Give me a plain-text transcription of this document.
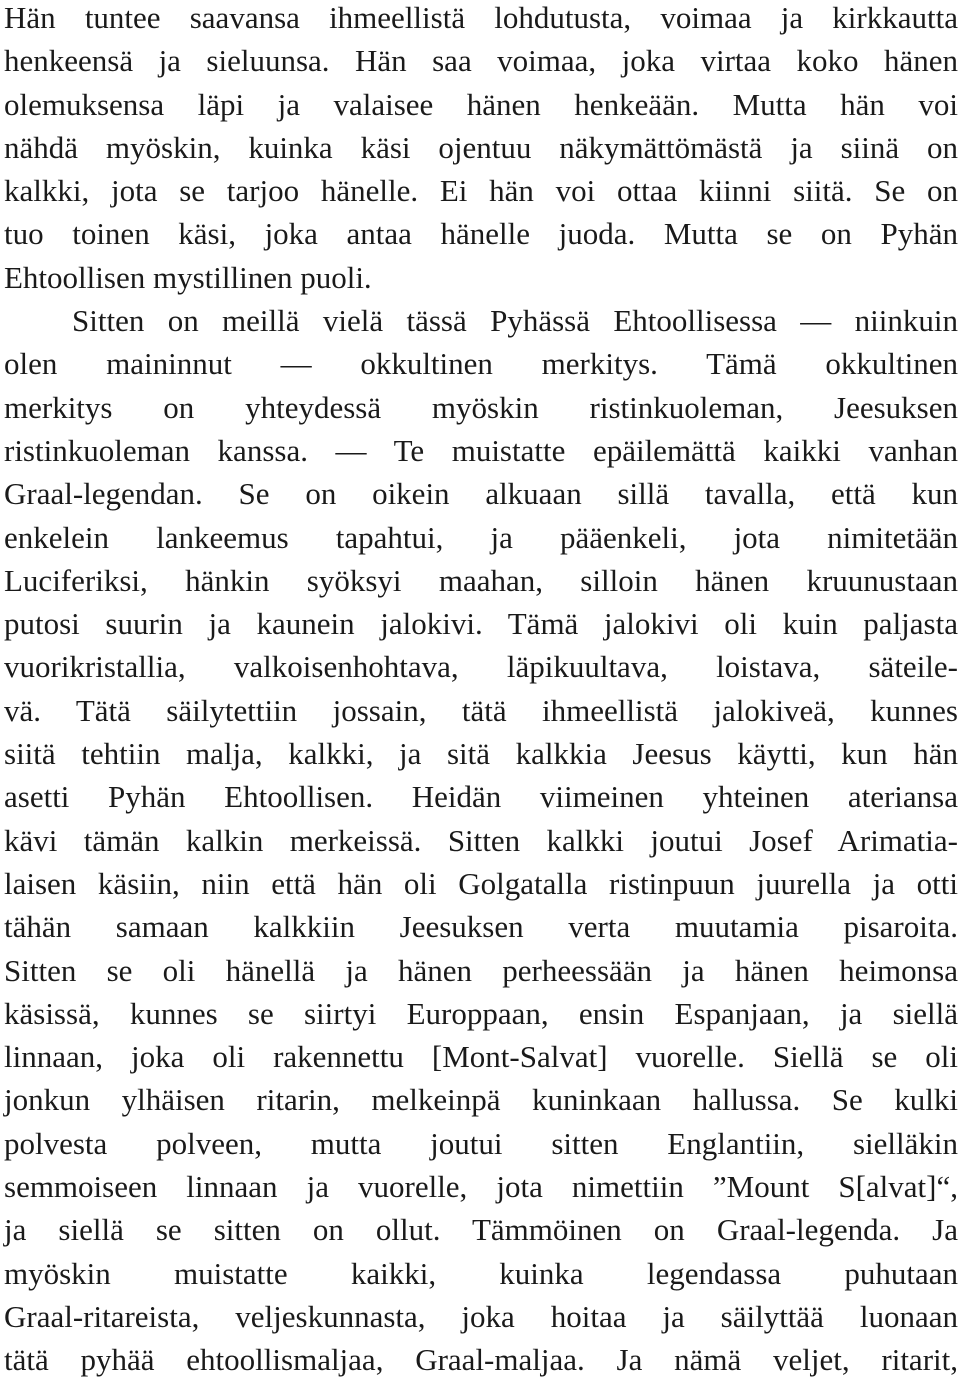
Hän tuntee saavansa ihmeellistä lohdutusta, voimaa ja kirkkautta
henkeensä ja sieluunsa. Hän saa voimaa, joka virtaa koko hänen
olemuksensa läpi ja valaisee hänen henkeään. Mutta hän voi
nähdä myöskin, kuinka käsi ojentuu näkymättömästä ja siinä on
kalkki, jota se tarjoo hänelle. Ei hän voi ottaa kiinni siitä. Se on
tuo toinen käsi, joka antaa hänelle juoda. Mutta se on Pyhän
Ehtoollisen mystillinen puoli.
Sitten on meillä vielä tässä Pyhässä Ehtoollisessa — niinkuin
olen maininnut — okkultinen merkitys. Tämä okkultinen
merkitys on yhteydessä myöskin ristinkuoleman, Jeesuksen
ristinkuoleman kanssa. — Te muistatte epäilemättä kaikki vanhan
Graal-legendan. Se on oikein alkuaan sillä tavalla, että kun
enkelein lankeemus tapahtui, ja pääenkeli, jota nimitetään
Luciferiksi, hänkin syöksyi maahan, silloin hänen kruunustaan
putosi suurin ja kaunein jalokivi. Tämä jalokivi oli kuin paljasta
vuorikristallia, valkoisenhohtava, läpikuultava, loistava, säteile-
vä. Tätä säilytettiin jossain, tätä ihmeellistä jalokiveä, kunnes
siitä tehtiin malja, kalkki, ja sitä kalkkia Jeesus käytti, kun hän
asetti Pyhän Ehtoollisen. Heidän viimeinen yhteinen ateriansa
kävi tämän kalkin merkeissä. Sitten kalkki joutui Josef Arimatia-
laisen käsiin, niin että hän oli Golgatalla ristinpuun juurella ja otti
tähän samaan kalkkiin Jeesuksen verta muutamia pisaroita.
Sitten se oli hänellä ja hänen perheessään ja hänen heimonsa
käsissä, kunnes se siirtyi Europpaan, ensin Espanjaan, ja siellä
linnaan, joka oli rakennettu [Mont-Salvat] vuorelle. Siellä se oli
jonkun ylhäisen ritarin, melkeinpä kuninkaan hallussa. Se kulki
polvesta polveen, mutta joutui sitten Englantiin, sielläkin
semmoiseen linnaan ja vuorelle, jota nimettiin ”Mount S[alvat]“,
ja siellä se sitten on ollut. Tämmöinen on Graal-legenda. Ja
myöskin muistatte kaikki, kuinka legendassa puhutaan
Graal-ritareista, veljeskunnasta, joka hoitaa ja säilyttää luonaan
tätä pyhää ehtoollismaljaa, Graal-maljaa. Ja nämä veljet, ritarit,
